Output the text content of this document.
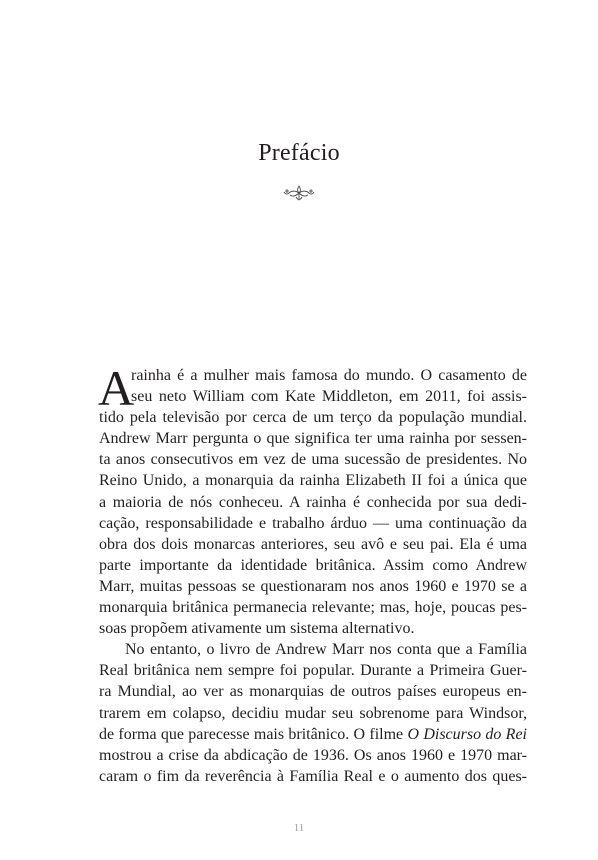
Prefácio
A
rainha é a mulher mais famosa do mundo. O casamento de
seu neto William com Kate Middleton, em 2011, foi assis-
tido pela televisão por cerca de um terço da população mundial.
Andrew Marr pergunta o que significa ter uma rainha por sessen-
ta anos consecutivos em vez de uma sucessão de presidentes. No
Reino Unido, a monarquia da rainha Elizabeth II foi a única que
a maioria de nós conheceu. A rainha é conhecida por sua dedi-
cação, responsabilidade e trabalho árduo — uma continuação da
obra dos dois monarcas anteriores, seu avô e seu pai. Ela é uma
parte importante da identidade britânica. Assim como Andrew
Marr, muitas pessoas se questionaram nos anos 1960 e 1970 se a
monarquia britânica permanecia relevante; mas, hoje, poucas pes-
soas propõem ativamente um sistema alternativo.
No entanto, o livro de Andrew Marr nos conta que a Família
Real britânica nem sempre foi popular. Durante a Primeira Guer-
ra Mundial, ao ver as monarquias de outros países europeus en-
trarem em colapso, decidiu mudar seu sobrenome para Windsor,
de forma que parecesse mais britânico. O filme O Discurso do Rei
mostrou a crise da abdicação de 1936. Os anos 1960 e 1970 mar-
caram o fim da reverência à Família Real e o aumento dos ques-
11
